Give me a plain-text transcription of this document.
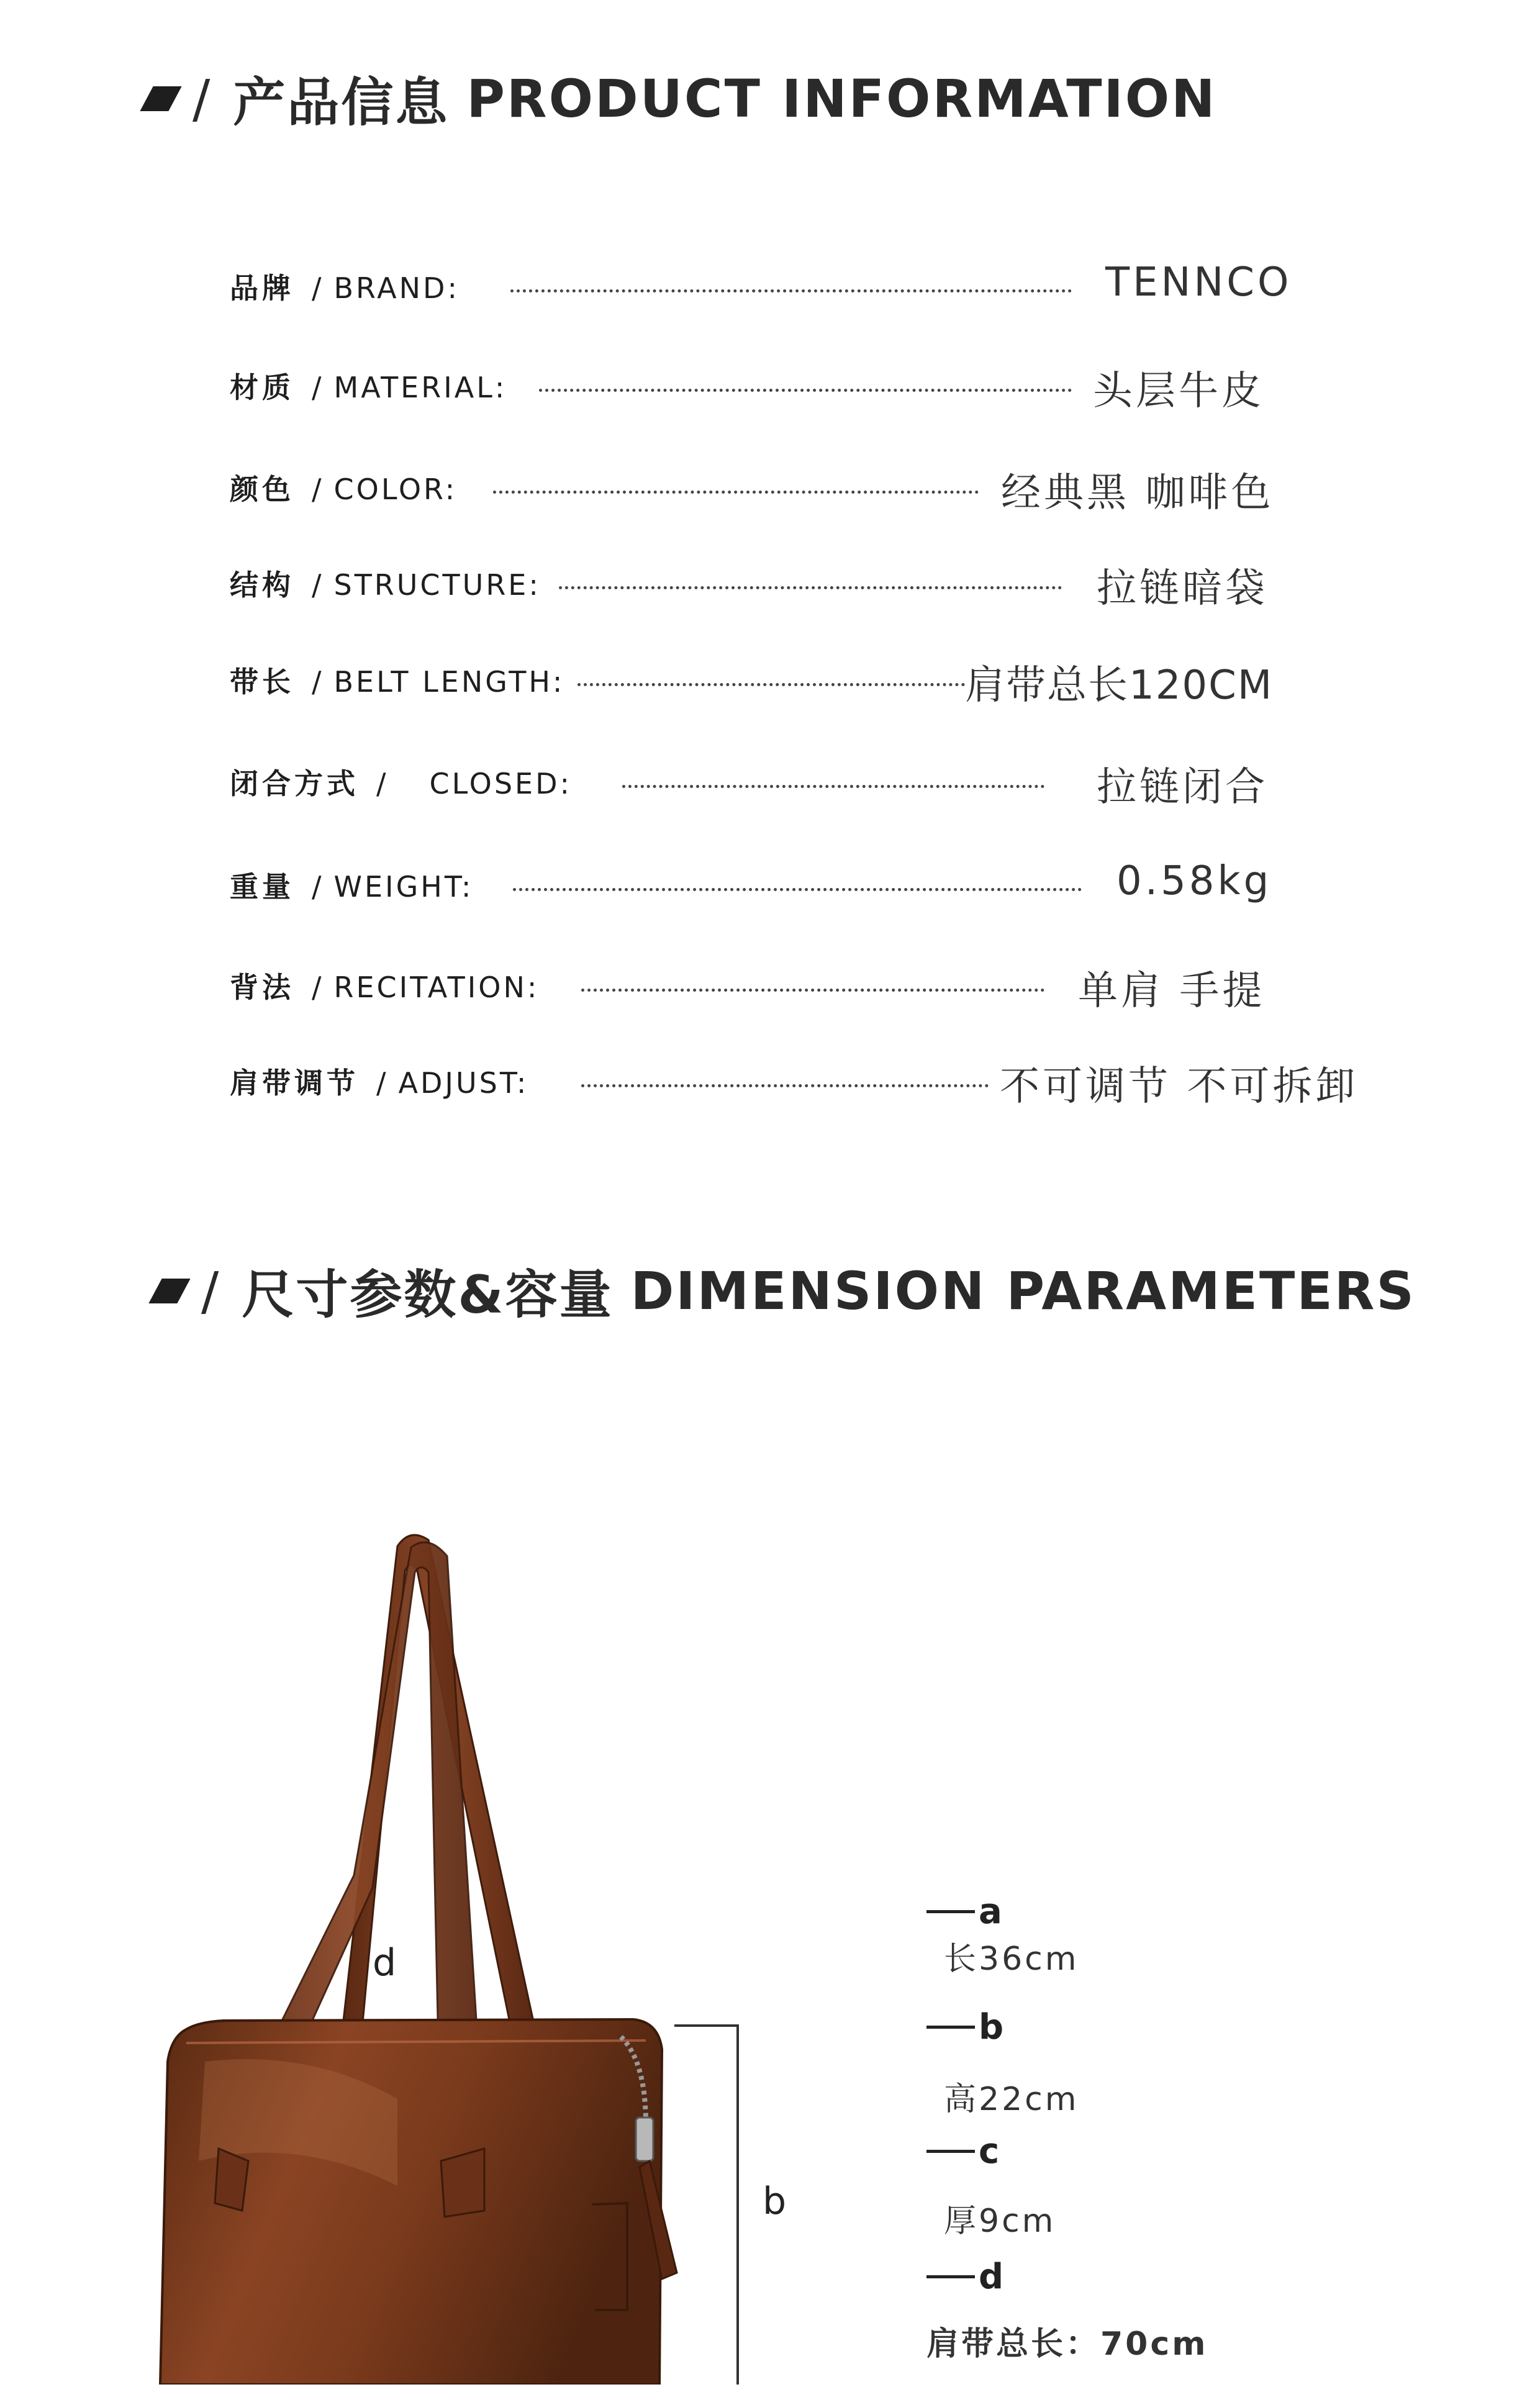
/ 产品信息 PRODUCT INFORMATION
品牌 / BRAND:	TENNCO
材质 / MATERIAL:	头层牛皮
颜色 / COLOR:	经典黑 咖啡色
结构 / STRUCTURE:	拉链暗袋
带长 / BELT LENGTH:	肩带总长120CM
闭合方式 / CLOSED:	拉链闭合
重量 / WEIGHT:	0.58kg
背法 / RECITATION:	单肩 手提
肩带调节 / ADJUST:	不可调节 不可拆卸
/ 尺寸参数&容量 DIMENSION PARAMETERS
d
b
a
长36cm
b
高22cm
c
厚9cm
d
肩带总长：70cm
